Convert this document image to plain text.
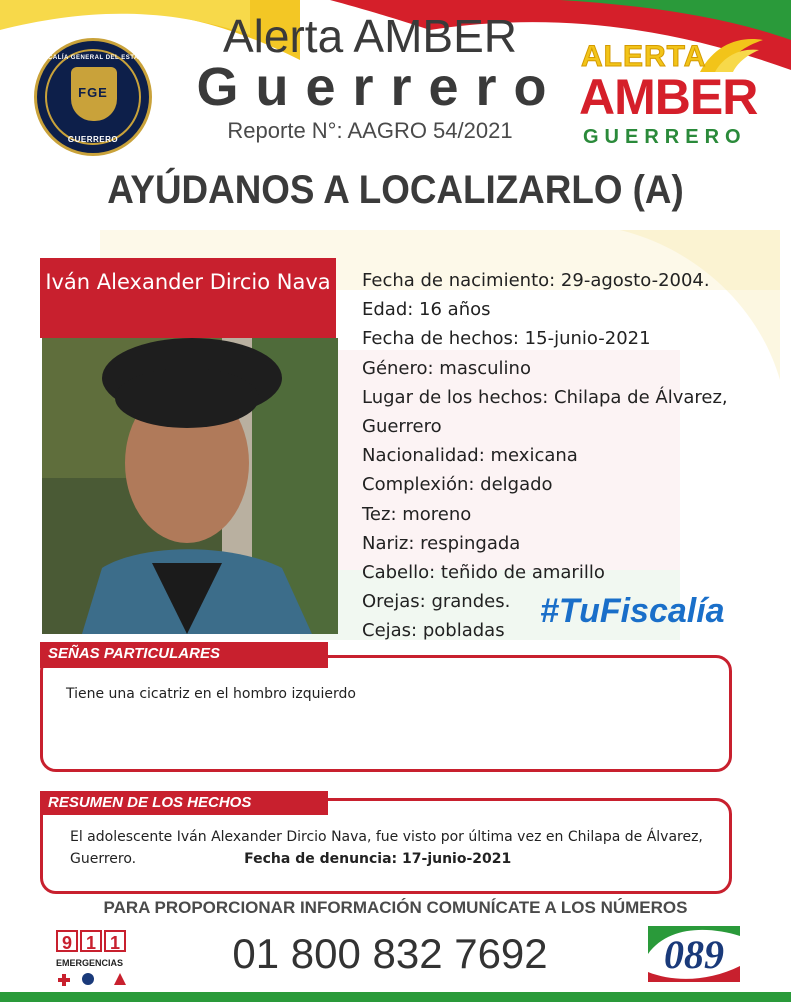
FISCALÍA GENERAL DEL ESTADO
FGE
GUERRERO
Alerta AMBER
Guerrero
Reporte N°: AAGRO 54/2021
ALERTA
AMBER
GUERRERO
AYÚDANOS A LOCALIZARLO (A)
Iván Alexander Dircio Nava Fecha de nacimiento: 29-agosto-2004.
Edad: 16 años
Fecha de hechos: 15-junio-2021
Género: masculino
Lugar de los hechos: Chilapa de Álvarez,
Guerrero
Nacionalidad: mexicana
Complexión: delgado
Tez: moreno
Nariz: respingada
Cabello: teñido de amarillo
Orejas: grandes.
Cejas: pobladas
#TuFiscalía
SEÑAS PARTICULARES
Tiene una cicatriz en el hombro izquierdo
RESUMEN DE LOS HECHOS
El adolescente Iván Alexander Dircio Nava, fue visto por última vez en Chilapa de Álvarez,
Guerrero.	Fecha de denuncia: 17-junio-2021
PARA PROPORCIONAR INFORMACIÓN COMUNÍCATE A LOS NÚMEROS
9 1 1
EMERGENCIAS	01 800 832 7692	089
